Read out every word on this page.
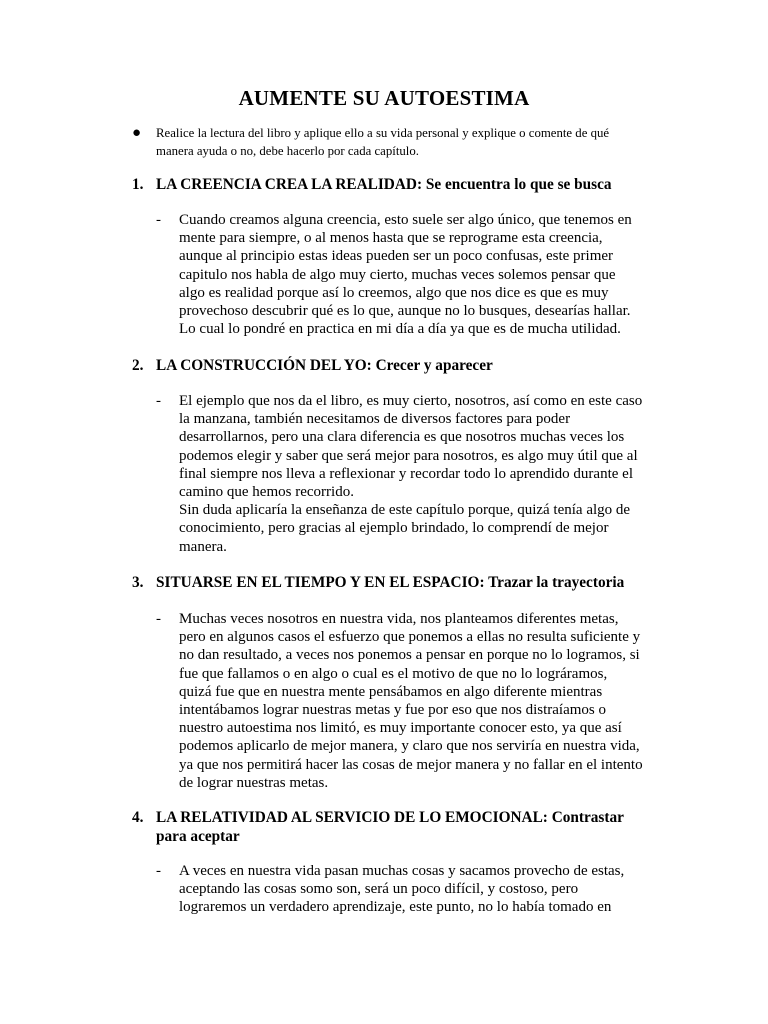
AUMENTE SU AUTOESTIMA
● Realice la lectura del libro y aplique ello a su vida personal y explique o comente de qué
manera ayuda o no, debe hacerlo por cada capítulo.
1. LA CREENCIA CREA LA REALIDAD: Se encuentra lo que se busca
- Cuando creamos alguna creencia, esto suele ser algo único, que tenemos en
mente para siempre, o al menos hasta que se reprograme esta creencia,
aunque al principio estas ideas pueden ser un poco confusas, este primer
capitulo nos habla de algo muy cierto, muchas veces solemos pensar que
algo es realidad porque así lo creemos, algo que nos dice es que es muy
provechoso descubrir qué es lo que, aunque no lo busques, desearías hallar.
Lo cual lo pondré en practica en mi día a día ya que es de mucha utilidad.
2. LA CONSTRUCCIÓN DEL YO: Crecer y aparecer
- El ejemplo que nos da el libro, es muy cierto, nosotros, así como en este caso
la manzana, también necesitamos de diversos factores para poder
desarrollarnos, pero una clara diferencia es que nosotros muchas veces los
podemos elegir y saber que será mejor para nosotros, es algo muy útil que al
final siempre nos lleva a reflexionar y recordar todo lo aprendido durante el
camino que hemos recorrido.
Sin duda aplicaría la enseñanza de este capítulo porque, quizá tenía algo de
conocimiento, pero gracias al ejemplo brindado, lo comprendí de mejor
manera.
3. SITUARSE EN EL TIEMPO Y EN EL ESPACIO: Trazar la trayectoria
- Muchas veces nosotros en nuestra vida, nos planteamos diferentes metas,
pero en algunos casos el esfuerzo que ponemos a ellas no resulta suficiente y
no dan resultado, a veces nos ponemos a pensar en porque no lo logramos, si
fue que fallamos o en algo o cual es el motivo de que no lo lográramos,
quizá fue que en nuestra mente pensábamos en algo diferente mientras
intentábamos lograr nuestras metas y fue por eso que nos distraíamos o
nuestro autoestima nos limitó, es muy importante conocer esto, ya que así
podemos aplicarlo de mejor manera, y claro que nos serviría en nuestra vida,
ya que nos permitirá hacer las cosas de mejor manera y no fallar en el intento
de lograr nuestras metas.
4. LA RELATIVIDAD AL SERVICIO DE LO EMOCIONAL: Contrastar
para aceptar
- A veces en nuestra vida pasan muchas cosas y sacamos provecho de estas,
aceptando las cosas somo son, será un poco difícil, y costoso, pero
lograremos un verdadero aprendizaje, este punto, no lo había tomado en
